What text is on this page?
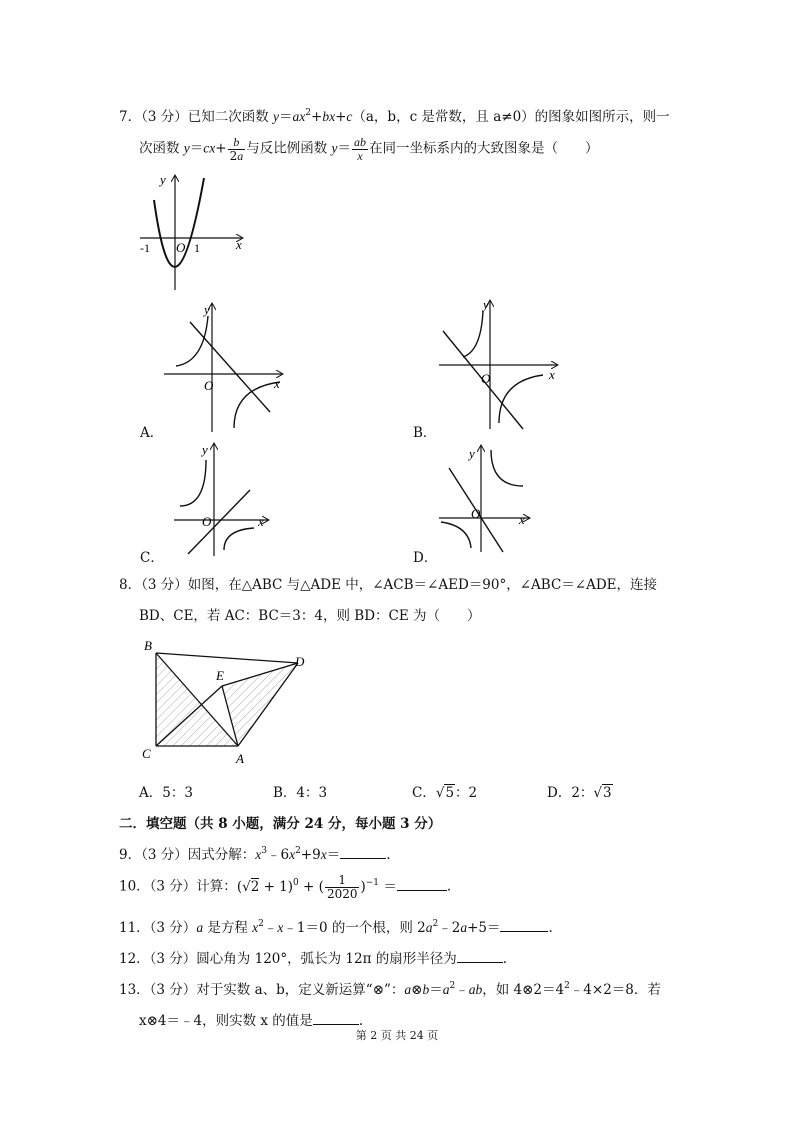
7．（3 分）已知二次函数 $y=ax^2+bx+c(a$，b，c 是常数，且 a≠0）的图象如图所示，则一
次函数 $y=cx+ \frac{b}{2a}$ 与反比例函数 $y= \frac{ab}{x}$ 在同一坐标系内的大致图象是（　　）
y
x
O
-1	1
y
x
O
A．
y
x
O
B．
y
x
O
C．
y
x
O
D．
8．（3 分）如图，在△ABC 与△ADE 中，∠ACB＝∠AED＝90°，∠ABC＝∠ADE，连接
BD、CE，若 AC：BC＝3：4，则 BD：CE 为（　　）
B
C	A
D
E
A．5：3	B．4：3	C．√5：2	D．2：√3
二．填空题（共 8 小题，满分 24 分，每小题 3 分）
9．（3 分）因式分解：$x^3﹣6x^2+9x=$	.
10．（3 分）计算：$(√2 + 1)^0$ + ( $\frac{1}{2020} )^{-1}$ ＝	.
11．（3 分）a 是方程 $x^2﹣x﹣1=0$ 的一个根，则 $2a^2﹣2a+5=$	.
12．（3 分）圆心角为 120°，弧长为 12π 的扇形半径为	.
13．（3 分）对于实数 a、b，定义新运算“⊗”：$a\otimes b=a^2﹣ab$，如 $4\otimes 2=4^2﹣4\times 2=8$．若
x⊗4＝﹣4，则实数 x 的值是	.
第 2 页 共 24 页
